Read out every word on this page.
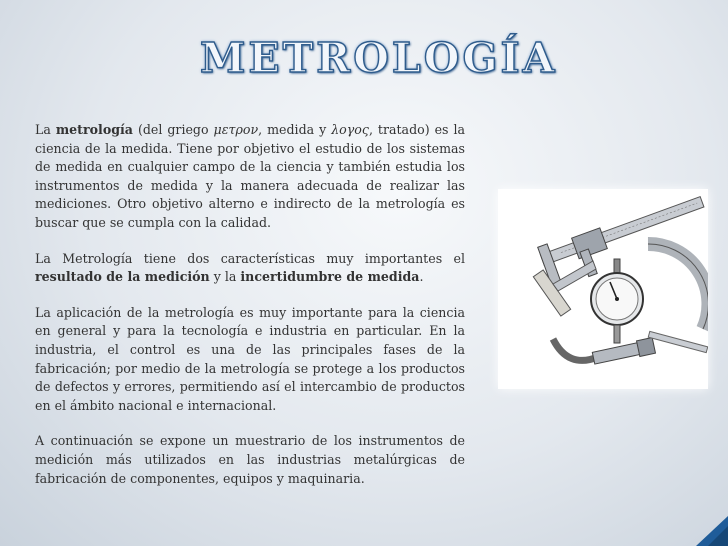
METROLOGÍA

La metrología (del griego μετρον, medida y λογος, tratado) es la ciencia de la medida. Tiene por objetivo el estudio de los sistemas de medida en cualquier campo de la ciencia y también estudia los instrumentos de medida y la manera adecuada de realizar las mediciones. Otro objetivo alterno e indirecto de la metrología es buscar que se cumpla con la calidad.

La Metrología tiene dos características muy importantes el resultado de la medición y la incertidumbre de medida.

La aplicación de la metrología es muy importante para la ciencia en general y para la tecnología e industria en particular. En la industria, el control es una de las principales fases de la fabricación; por medio de la metrología se protege a los productos de defectos y errores, permitiendo así el intercambio de productos en el ámbito nacional e internacional.

A continuación se expone un muestrario de los instrumentos de medición más utilizados en las industrias metalúrgicas de fabricación de componentes, equipos y maquinaria.
